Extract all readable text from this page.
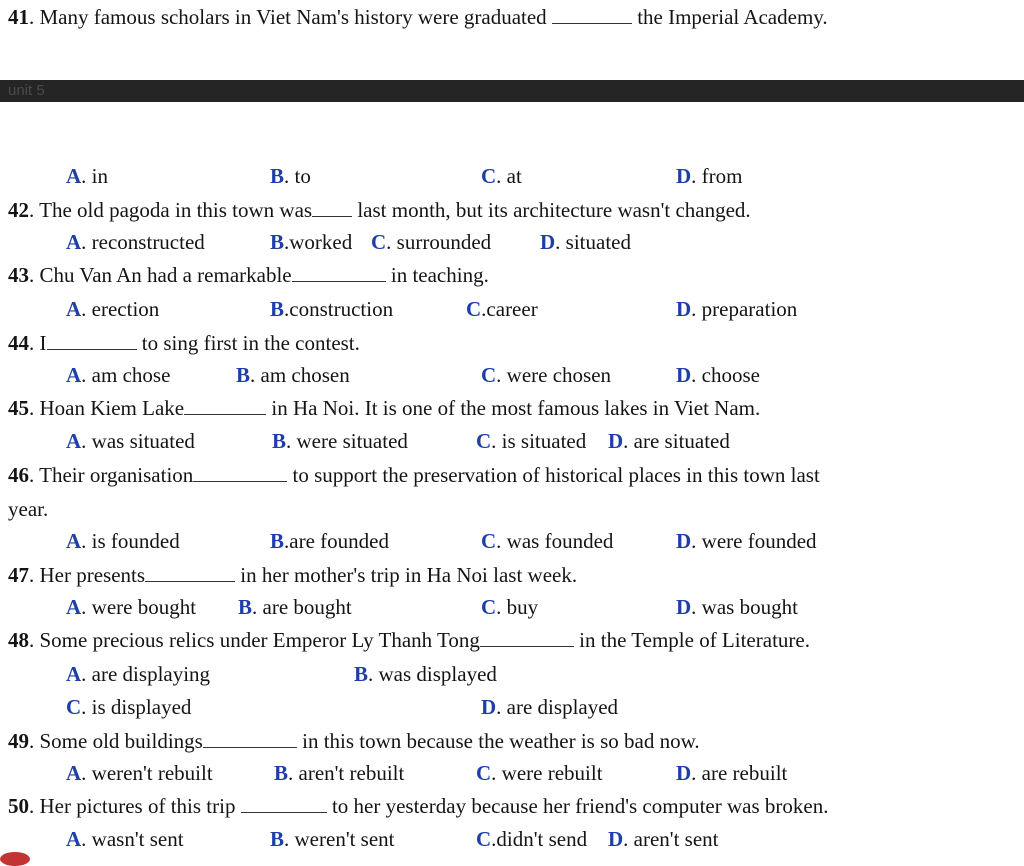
41. Many famous scholars in Viet Nam's history were graduated	the Imperial Academy.
unit 5
A. in	B. to	C. at	D. from
42. The old pagoda in this town was last month, but its architecture wasn't changed.
A. reconstructed	B.worked C. surrounded D. situated
43. Chu Van An had a remarkable	in teaching.
A. erection	B.construction	C.career	D. preparation
44. I	to sing first in the contest.
A. am chose	B. am chosen	C. were chosen	D. choose
45. Hoan Kiem Lake	in Ha Noi. It is one of the most famous lakes in Viet Nam.
A. was situated	B. were situated	C. is situated D. are situated
46. Their organisation	to support the preservation of historical places in this town last
year.
A. is founded	B.are founded	C. was founded	D. were founded
47. Her presents	in her mother's trip in Ha Noi last week.
A. were bought B. are bought	C. buy	D. was bought
48. Some precious relics under Emperor Ly Thanh Tong	in the Temple of Literature.
A. are displaying	B. was displayed
C. is displayed	D. are displayed
49. Some old buildings	in this town because the weather is so bad now.
A. weren't rebuilt	B. aren't rebuilt	C. were rebuilt	D. are rebuilt
50. Her pictures of this trip	to her yesterday because her friend's computer was broken.
A. wasn't sent	B. weren't sent	C.didn't send D. aren't sent
